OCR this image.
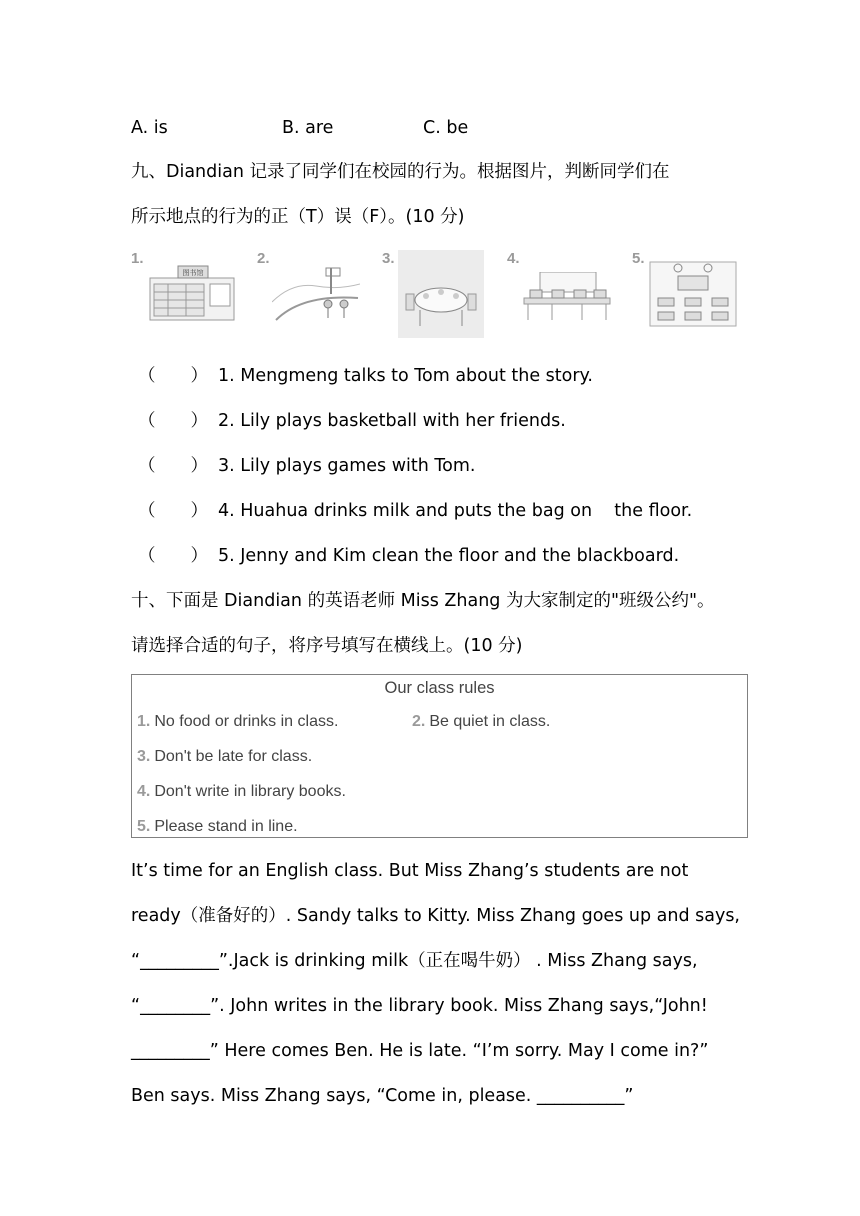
A. is	B. are	C. be
九、Diandian 记录了同学们在校园的行为。根据图片，判断同学们在
所示地点的行为的正（T）误（F）。(10 分)
1.
图书馆
2.	3.	4.	5.
（　　） 1. Mengmeng talks to Tom about the story.
（　　） 2. Lily plays basketball with her friends.
（　　） 3. Lily plays games with Tom.
（　　） 4. Huahua drinks milk and puts the bag on    the floor.
（　　） 5. Jenny and Kim clean the floor and the blackboard.
十、下面是 Diandian 的英语老师 Miss Zhang 为大家制定的"班级公约"。
请选择合适的句子，将序号填写在横线上。(10 分)
Our class rules
1. No food or drinks in class.	2. Be quiet in class.
3. Don't be late for class.
4. Don't write in library books.
5. Please stand in line.
It’s time for an English class. But Miss Zhang’s students are not
ready（准备好的）. Sandy talks to Kitty. Miss Zhang goes up and says,
“_________”.Jack is drinking milk（正在喝牛奶） . Miss Zhang says,
“________”. John writes in the library book. Miss Zhang says,“John!
_________” Here comes Ben. He is late. “I’m sorry. May I come in?”
Ben says. Miss Zhang says, “Come in, please. __________”
